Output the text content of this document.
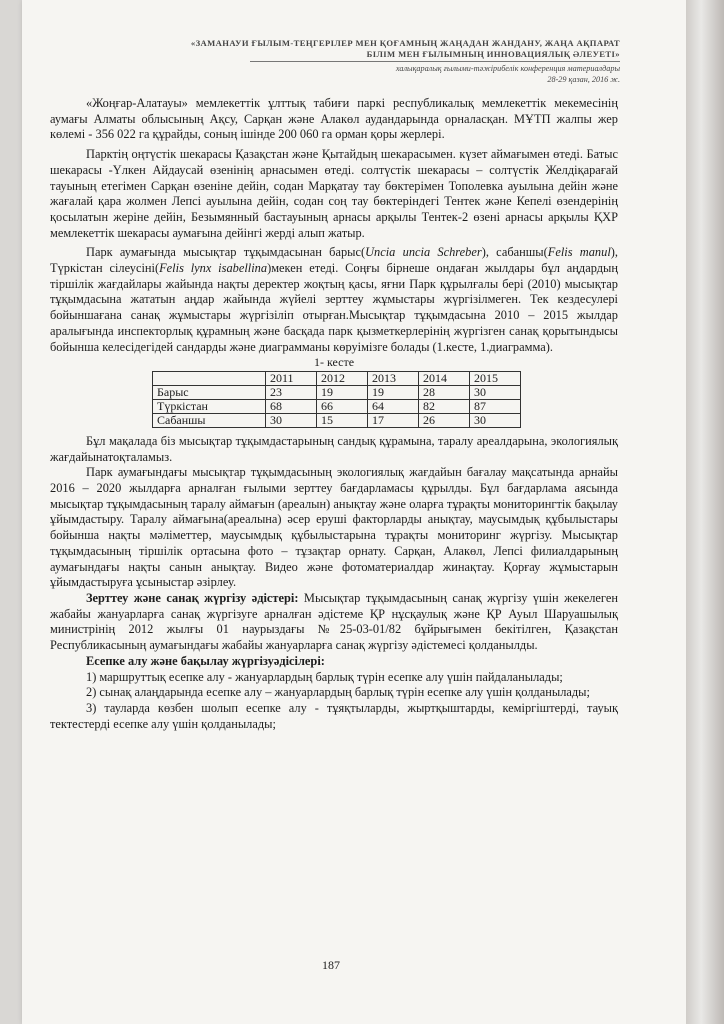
«ЗАМАНАУИ ҒЫЛЫМ-ТЕҢГЕРІЛЕР МЕН ҚОҒАМНЫҢ ЖАҢАДАН ЖАНДАНУ, ЖАҢА АҚПАРАТ
БІЛІМ МЕН ҒЫЛЫМНЫҢ ИННОВАЦИЯЛЫҚ ӘЛЕУЕТІ»
халықаралық ғылыми-тәжірибелік конференция материалдары
28-29 қазан, 2016 ж.

«Жоңғар-Алатауы» мемлекеттік ұлттық табиғи паркі республикалық мемлекеттік мекемесінің аумағы Алматы облысының Ақсу, Сарқан және Алакөл аудандарында орналасқан. МҰТП жалпы жер көлемі - 356 022 га құрайды, соның ішінде 200 060 га орман қоры жерлері.

Парктің оңтүстік шекарасы Қазақстан және Қытайдың шекарасымен. күзет аймағымен өтеді. Батыс шекарасы -Үлкен Айдаусай өзенінің арнасымен өтеді. солтүстік шекарасы – солтүстік Желдіқарағай тауының етегімен Сарқан өзеніне дейін, содан Марқатау тау бөктерімен Тополевка ауылына дейін және жағалай қара жолмен Лепсі ауылына дейін, содан соң тау бөктеріндегі Тентек және Кепелі өзендерінің қосылатын жеріне дейін, Безымянный бастауының арнасы арқылы Тентек-2 өзені арнасы арқылы ҚХР мемлекеттік шекарасы аумағына дейінгі жерді алып жатыр.

Парк аумағында мысықтар тұқымдасынан барыс(Uncia uncia Schreber), сабаншы(Felis manul), Түркістан сілеусіні(Felis lynx isabellina)мекен етеді. Соңғы бірнеше ондаған жылдары бұл аңдардың тіршілік жағдайлары жайында нақты деректер жоқтың қасы, яғни Парк құрылғалы бері (2010) мысықтар тұқымдасына жататын аңдар жайында жүйелі зерттеу жұмыстары жүргізілмеген. Тек кездесулері бойыншағана санақ жұмыстары жүргізіліп отырған.Мысықтар тұқымдасына 2010 – 2015 жылдар аралығында инспекторлық құрамның және басқада парк қызметкерлерінің жүргізген санақ қорытындысы бойынша келесідегідей сандарды және диаграмманы көруімізге болады (1.кесте, 1.диаграмма).

1- кесте

	2011	2012	2013	2014	2015
Барыс	23	19	19	28	30
Түркістан	68	66	64	82	87
Сабаншы	30	15	17	26	30

Бұл мақалада біз мысықтар тұқымдастарының сандық құрамына, таралу ареалдарына, экологиялық жағдайынатоқталамыз.

Парк аумағындағы мысықтар тұқымдасының экологиялық жағдайын бағалау мақсатында арнайы 2016 – 2020 жылдарға арналған ғылыми зерттеу бағдарламасы құрылды. Бұл бағдарлама аясында мысықтар тұқымдасының таралу аймағын (ареалын) анықтау және оларға тұрақты мониторингтік бақылау ұйымдастыру. Таралу аймағына(ареалына) әсер еруші факторларды анықтау, маусымдық құбылыстары бойынша нақты мәліметтер, маусымдық құбылыстарына тұрақты мониторинг жүргізу. Мысықтар тұқымдасының тіршілік ортасына фото – тұзақтар орнату. Сарқан, Алакөл, Лепсі филиалдарының аумағындағы нақты санын анықтау. Видео және фотоматериалдар жинақтау. Қорғау жұмыстарын ұйымдастыруға ұсыныстар әзірлеу.

Зерттеу және санақ жүргізу әдістері: Мысықтар тұқымдасының санақ жүргізу үшін жекелеген жабайы жануарларға санақ жүргізуге арналған әдістеме ҚР нұсқаулық және ҚР Ауыл Шаруашылық министрінің 2012 жылғы 01 наурыздағы №25-03-01/82 бұйрығымен бекітілген, Қазақстан Республикасының аумағындағы жабайы жануарларға санақ жүргізу әдістемесі қолданылды.

Есепке алу және бақылау жүргізуәдісілері:

1) маршруттық есепке алу - жануарлардың барлық түрін есепке алу үшін пайдаланылады;

2) сынақ алаңдарында есепке алу – жануарлардың барлық түрін есепке алу үшін қолданылады;

3) тауларда көзбен шолып есепке алу - тұяқтыларды, жыртқыштарды, кеміргіштерді, тауық тектестерді есепке алу үшін қолданылады;

187
